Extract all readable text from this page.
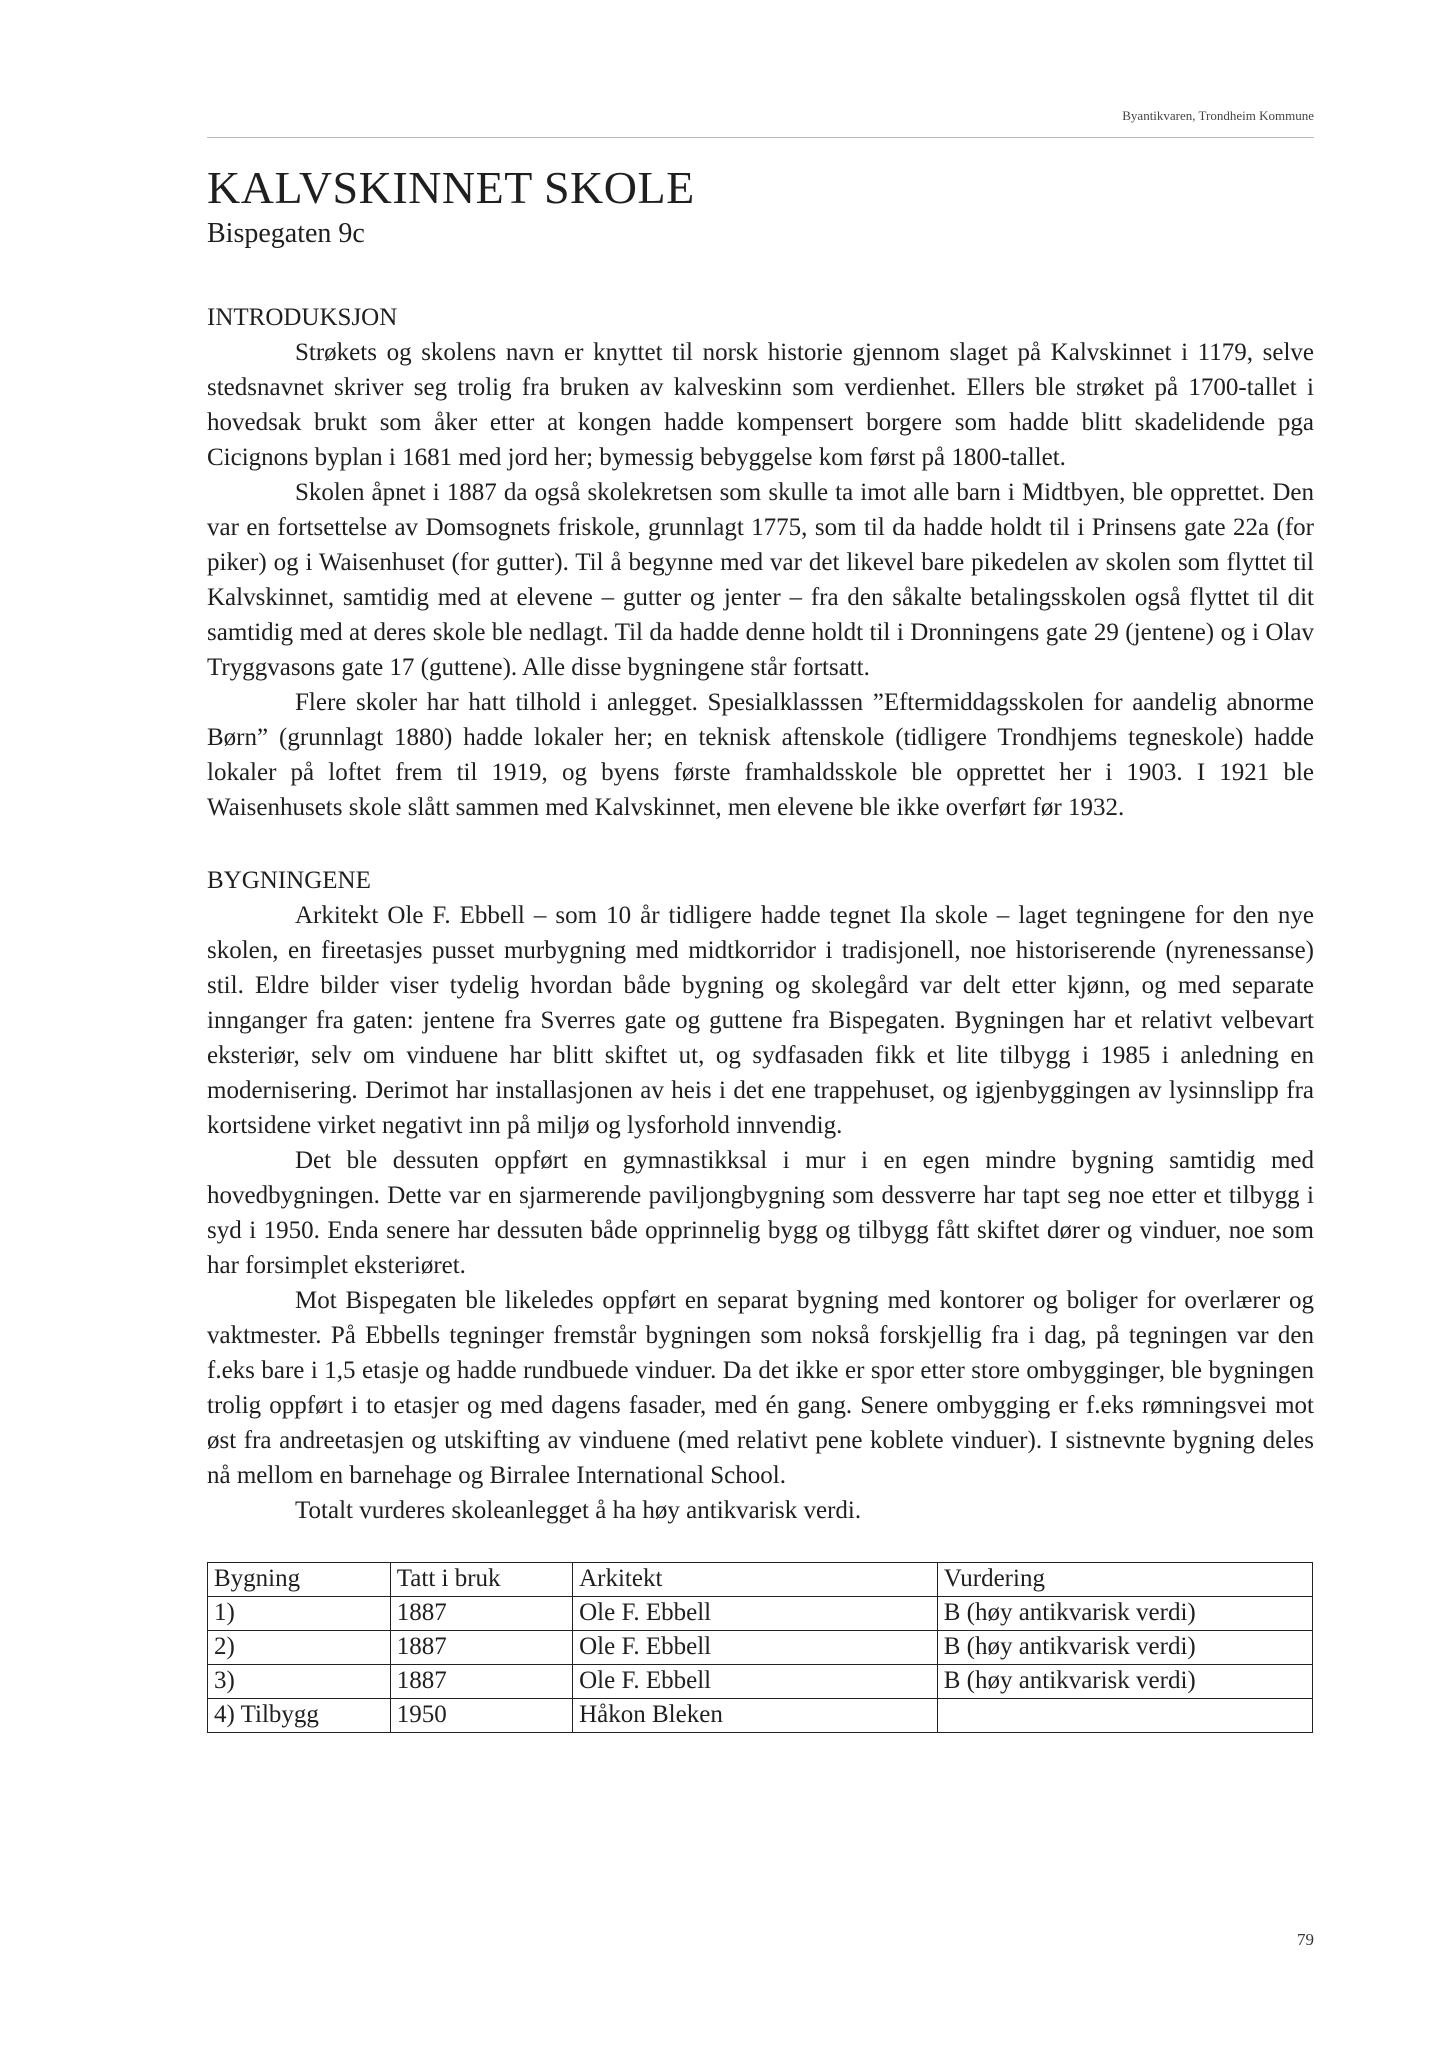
Byantikvaren, Trondheim Kommune
KALVSKINNET SKOLE
Bispegaten 9c
INTRODUKSJON

Strøkets og skolens navn er knyttet til norsk historie gjennom slaget på Kalvskinnet i 1179, selve stedsnavnet skriver seg trolig fra bruken av kalveskinn som verdienhet. Ellers ble strøket på 1700-tallet i hovedsak brukt som åker etter at kongen hadde kompensert borgere som hadde blitt skadelidende pga Cicignons byplan i 1681 med jord her; bymessig bebyggelse kom først på 1800-tallet.

Skolen åpnet i 1887 da også skolekretsen som skulle ta imot alle barn i Midtbyen, ble opprettet. Den var en fortsettelse av Domsognets friskole, grunnlagt 1775, som til da hadde holdt til i Prinsens gate 22a (for piker) og i Waisenhuset (for gutter). Til å begynne med var det likevel bare pikedelen av skolen som flyttet til Kalvskinnet, samtidig med at elevene – gutter og jenter – fra den såkalte betalingsskolen også flyttet til dit samtidig med at deres skole ble nedlagt. Til da hadde denne holdt til i Dronningens gate 29 (jentene) og i Olav Tryggvasons gate 17 (guttene). Alle disse bygningene står fortsatt.

Flere skoler har hatt tilhold i anlegget. Spesialklasssen ”Eftermiddagsskolen for aandelig abnorme Børn” (grunnlagt 1880) hadde lokaler her; en teknisk aftenskole (tidligere Trondhjems tegneskole) hadde lokaler på loftet frem til 1919, og byens første framhaldsskole ble opprettet her i 1903. I 1921 ble Waisenhusets skole slått sammen med Kalvskinnet, men elevene ble ikke overført før 1932.

BYGNINGENE

Arkitekt Ole F. Ebbell – som 10 år tidligere hadde tegnet Ila skole – laget tegningene for den nye skolen, en fireetasjes pusset murbygning med midtkorridor i tradisjonell, noe historiserende (nyrenessanse) stil. Eldre bilder viser tydelig hvordan både bygning og skolegård var delt etter kjønn, og med separate innganger fra gaten: jentene fra Sverres gate og guttene fra Bispegaten. Bygningen har et relativt velbevart eksteriør, selv om vinduene har blitt skiftet ut, og sydfasaden fikk et lite tilbygg i 1985 i anledning en modernisering. Derimot har installasjonen av heis i det ene trappehuset, og igjenbyggingen av lysinnslipp fra kortsidene virket negativt inn på miljø og lysforhold innvendig.

Det ble dessuten oppført en gymnastikksal i mur i en egen mindre bygning samtidig med hovedbygningen. Dette var en sjarmerende paviljongbygning som dessverre har tapt seg noe etter et tilbygg i syd i 1950. Enda senere har dessuten både opprinnelig bygg og tilbygg fått skiftet dører og vinduer, noe som har forsimplet eksteriøret.

Mot Bispegaten ble likeledes oppført en separat bygning med kontorer og boliger for overlærer og vaktmester. På Ebbells tegninger fremstår bygningen som nokså forskjellig fra i dag, på tegningen var den f.eks bare i 1,5 etasje og hadde rundbuede vinduer. Da det ikke er spor etter store ombygginger, ble bygningen trolig oppført i to etasjer og med dagens fasader, med én gang. Senere ombygging er f.eks rømningsvei mot øst fra andreetasjen og utskifting av vinduene (med relativt pene koblete vinduer). I sistnevnte bygning deles nå mellom en barnehage og Birralee International School.

Totalt vurderes skoleanlegget å ha høy antikvarisk verdi.

Bygning	Tatt i bruk	Arkitekt	Vurdering
1)	1887	Ole F. Ebbell	B (høy antikvarisk verdi)
2)	1887	Ole F. Ebbell	B (høy antikvarisk verdi)
3)	1887	Ole F. Ebbell	B (høy antikvarisk verdi)
4) Tilbygg	1950	Håkon Bleken	
79
